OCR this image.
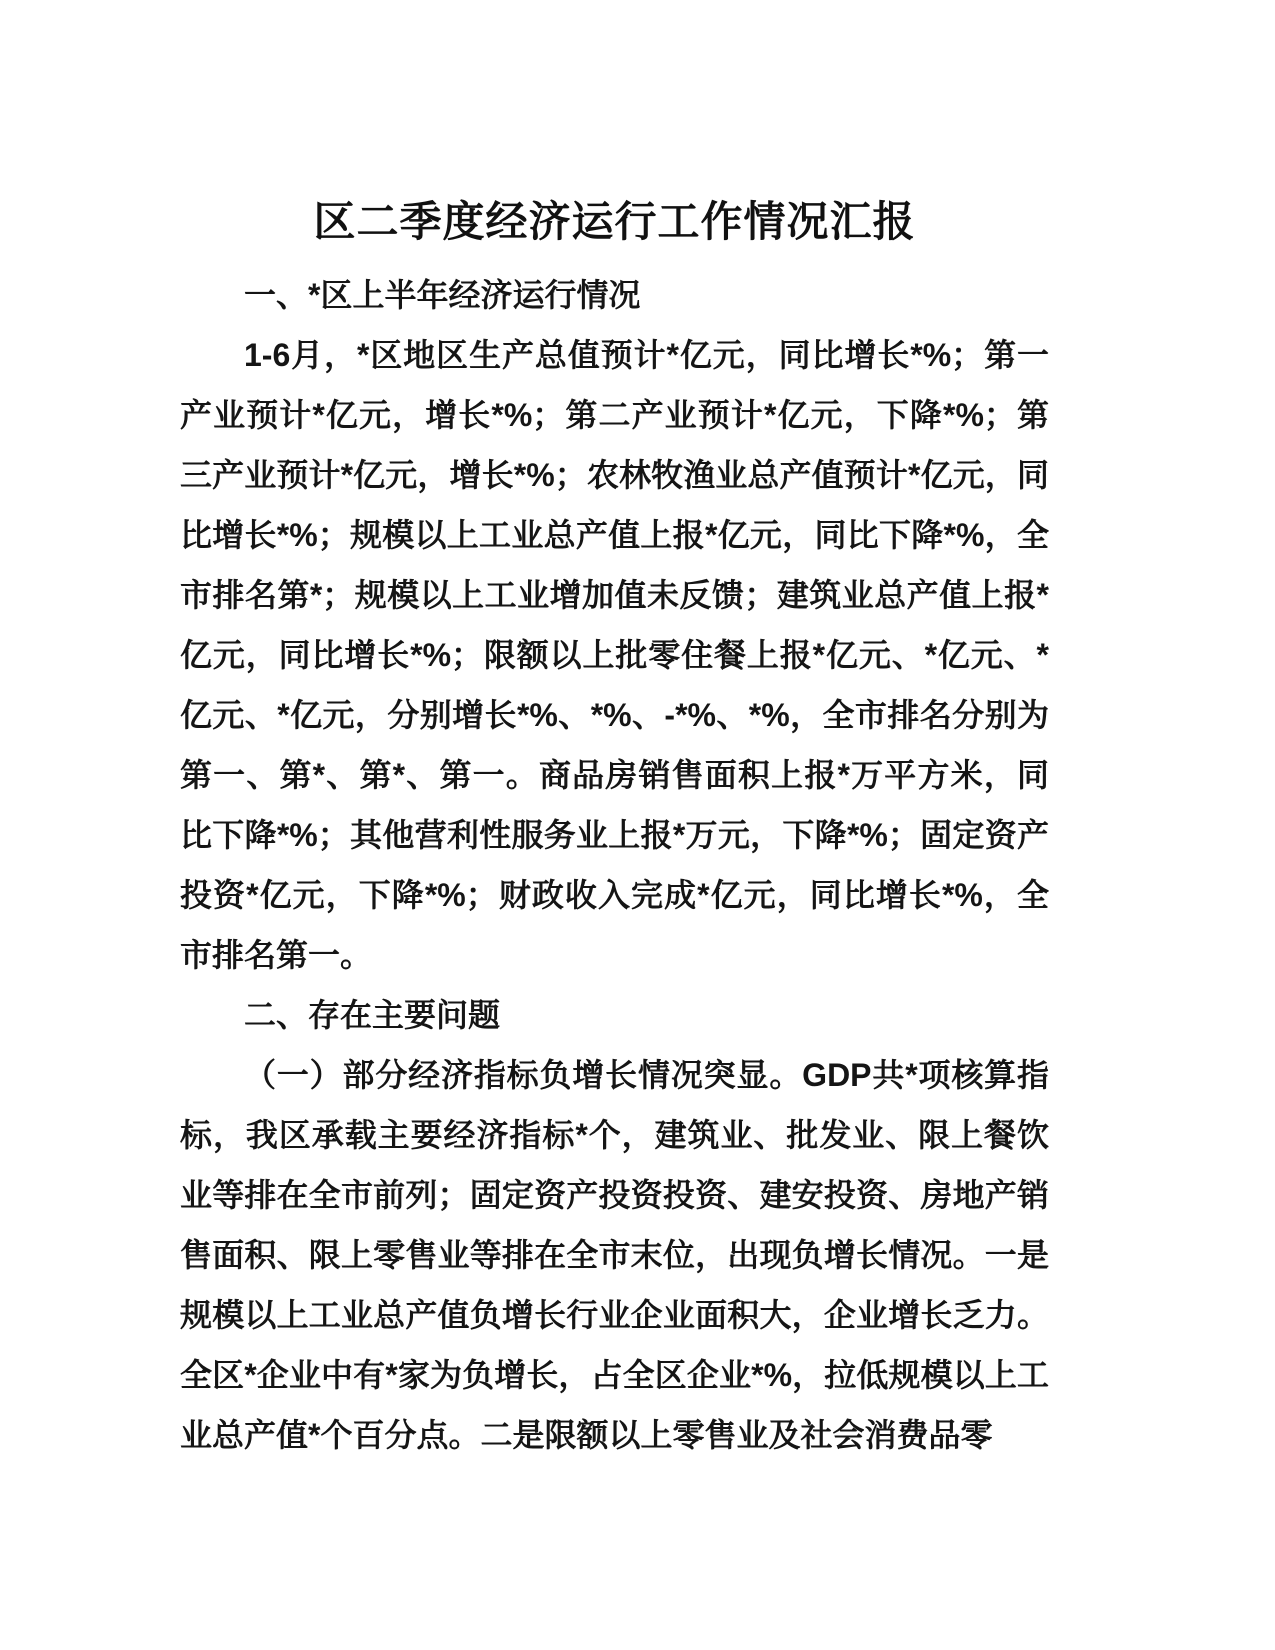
区二季度经济运行工作情况汇报
一、*区上半年经济运行情况

1-6月，*区地区生产总值预计*亿元，同比增长*%；第一产业预计*亿元，增长*%；第二产业预计*亿元，下降*%；第三产业预计*亿元，增长*%；农林牧渔业总产值预计*亿元，同比增长*%；规模以上工业总产值上报*亿元，同比下降*%，全市排名第*；规模以上工业增加值未反馈；建筑业总产值上报*亿元，同比增长*%；限额以上批零住餐上报*亿元、*亿元、*亿元、*亿元，分别增长*%、*%、-*%、*%，全市排名分别为第一、第*、第*、第一。商品房销售面积上报*万平方米，同比下降*%；其他营利性服务业上报*万元，下降*%；固定资产投资*亿元，下降*%；财政收入完成*亿元，同比增长*%，全市排名第一。

二、存在主要问题

（一）部分经济指标负增长情况突显。GDP共*项核算指标，我区承载主要经济指标*个，建筑业、批发业、限上餐饮业等排在全市前列；固定资产投资投资、建安投资、房地产销售面积、限上零售业等排在全市末位，出现负增长情况。一是规模以上工业总产值负增长行业企业面积大，企业增长乏力。全区*企业中有*家为负增长，占全区企业*%，拉低规模以上工业总产值*个百分点。二是限额以上零售业及社会消费品零
